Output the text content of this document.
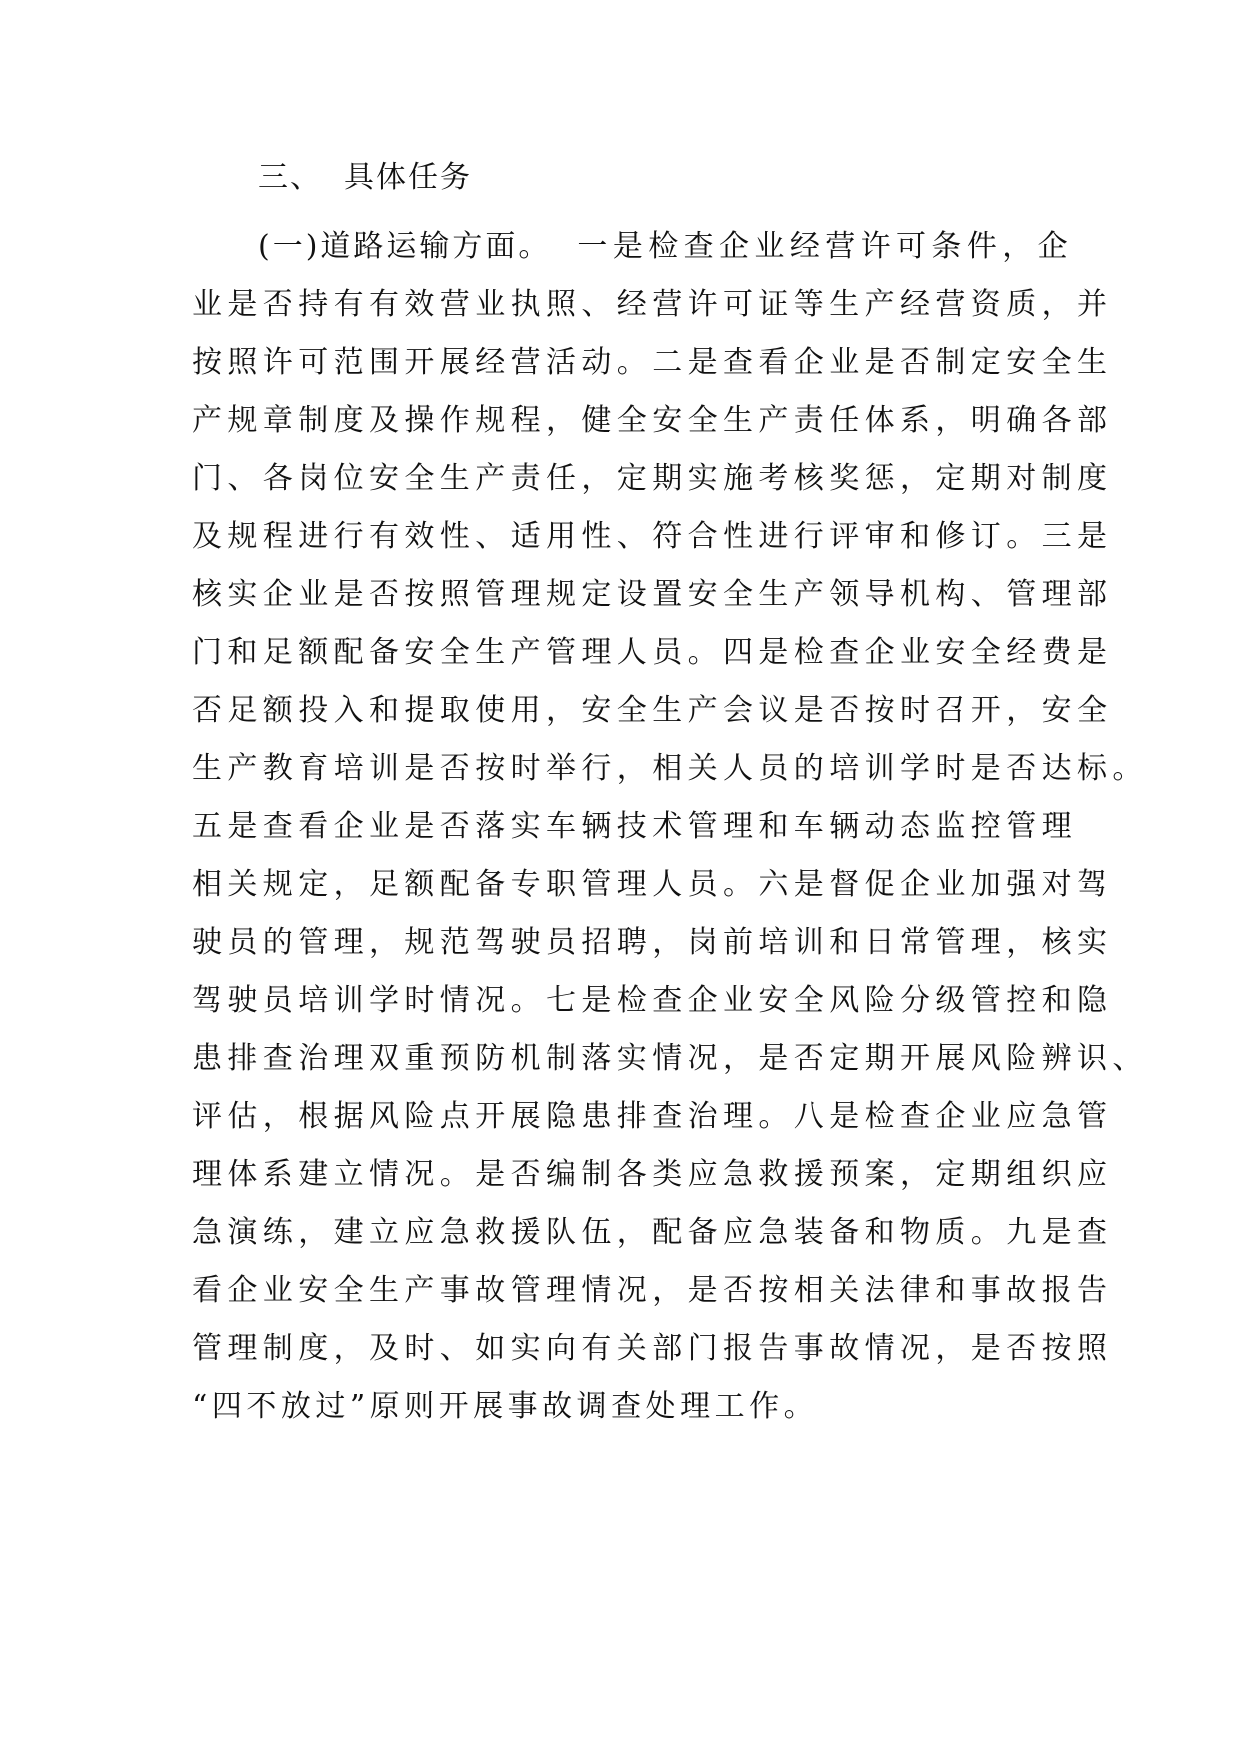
三、 具体任务
(一)道路运输方面。 一是检查企业经营许可条件，企
业是否持有有效营业执照、经营许可证等生产经营资质，并
按照许可范围开展经营活动。二是查看企业是否制定安全生
产规章制度及操作规程，健全安全生产责任体系，明确各部
门、各岗位安全生产责任，定期实施考核奖惩，定期对制度
及规程进行有效性、适用性、符合性进行评审和修订。三是
核实企业是否按照管理规定设置安全生产领导机构、管理部
门和足额配备安全生产管理人员。四是检查企业安全经费是
否足额投入和提取使用，安全生产会议是否按时召开，安全
生产教育培训是否按时举行，相关人员的培训学时是否达标。
五是查看企业是否落实车辆技术管理和车辆动态监控管理
相关规定，足额配备专职管理人员。六是督促企业加强对驾
驶员的管理，规范驾驶员招聘，岗前培训和日常管理，核实
驾驶员培训学时情况。七是检查企业安全风险分级管控和隐
患排查治理双重预防机制落实情况，是否定期开展风险辨识、
评估，根据风险点开展隐患排查治理。八是检查企业应急管
理体系建立情况。是否编制各类应急救援预案，定期组织应
急演练，建立应急救援队伍，配备应急装备和物质。九是查
看企业安全生产事故管理情况，是否按相关法律和事故报告
管理制度，及时、如实向有关部门报告事故情况，是否按照
“四不放过”原则开展事故调查处理工作。
